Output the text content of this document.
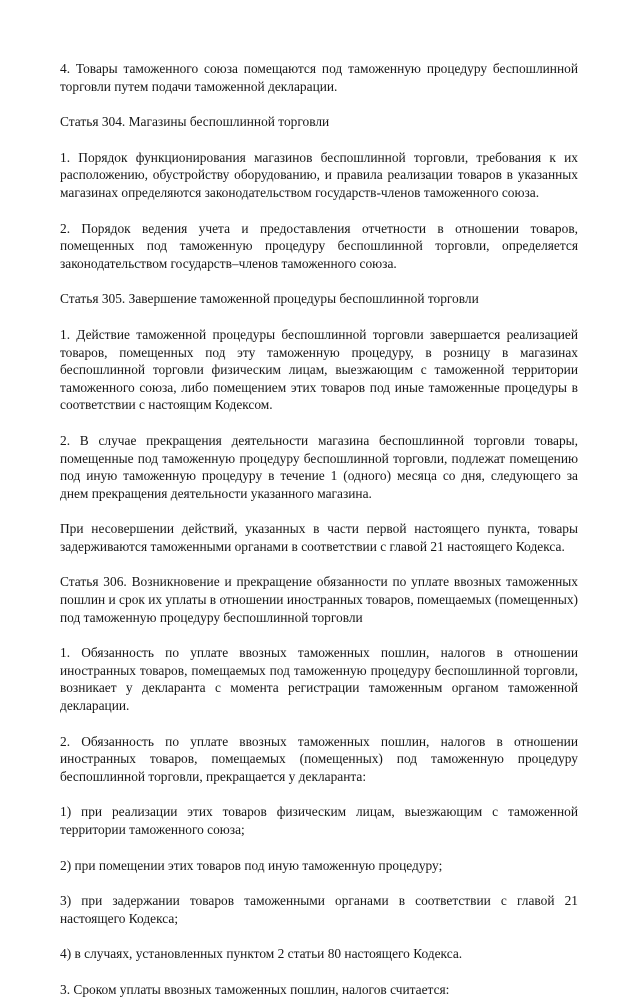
4. Товары таможенного союза помещаются под таможенную процедуру беспошлинной торговли путем подачи таможенной декларации.

Статья 304. Магазины беспошлинной торговли

1. Порядок функционирования магазинов беспошлинной торговли, требования к их расположению, обустройству оборудованию, и правила реализации товаров в указанных магазинах определяются законодательством государств-членов таможенного союза.

2. Порядок ведения учета и предоставления отчетности в отношении товаров, помещенных под таможенную процедуру беспошлинной торговли, определяется законодательством государств–членов таможенного союза.

Статья 305. Завершение таможенной процедуры беспошлинной торговли

1. Действие таможенной процедуры беспошлинной торговли завершается реализацией товаров, помещенных под эту таможенную процедуру, в розницу в магазинах беспошлинной торговли физическим лицам, выезжающим с таможенной территории таможенного союза, либо помещением этих товаров под иные таможенные процедуры в соответствии с настоящим Кодексом.

2. В случае прекращения деятельности магазина беспошлинной торговли товары, помещенные под таможенную процедуру беспошлинной торговли, подлежат помещению под иную таможенную процедуру в течение 1 (одного) месяца со дня, следующего за днем прекращения деятельности указанного магазина.

При несовершении действий, указанных в части первой настоящего пункта, товары задерживаются таможенными органами в соответствии с главой 21 настоящего Кодекса.

Статья 306. Возникновение и прекращение обязанности по уплате ввозных таможенных пошлин и срок их уплаты в отношении иностранных товаров, помещаемых (помещенных) под таможенную процедуру беспошлинной торговли

1. Обязанность по уплате ввозных таможенных пошлин, налогов в отношении иностранных товаров, помещаемых под таможенную процедуру беспошлинной торговли, возникает у декларанта с момента регистрации таможенным органом таможенной декларации.

2. Обязанность по уплате ввозных таможенных пошлин, налогов в отношении иностранных товаров, помещаемых (помещенных) под таможенную процедуру беспошлинной торговли, прекращается у декларанта:

1) при реализации этих товаров физическим лицам, выезжающим с таможенной территории таможенного союза;

2) при помещении этих товаров под иную таможенную процедуру;

3) при задержании товаров таможенными органами в соответствии с главой 21 настоящего Кодекса;

4) в случаях, установленных пунктом 2 статьи 80 настоящего Кодекса.

3. Сроком уплаты ввозных таможенных пошлин, налогов считается:
